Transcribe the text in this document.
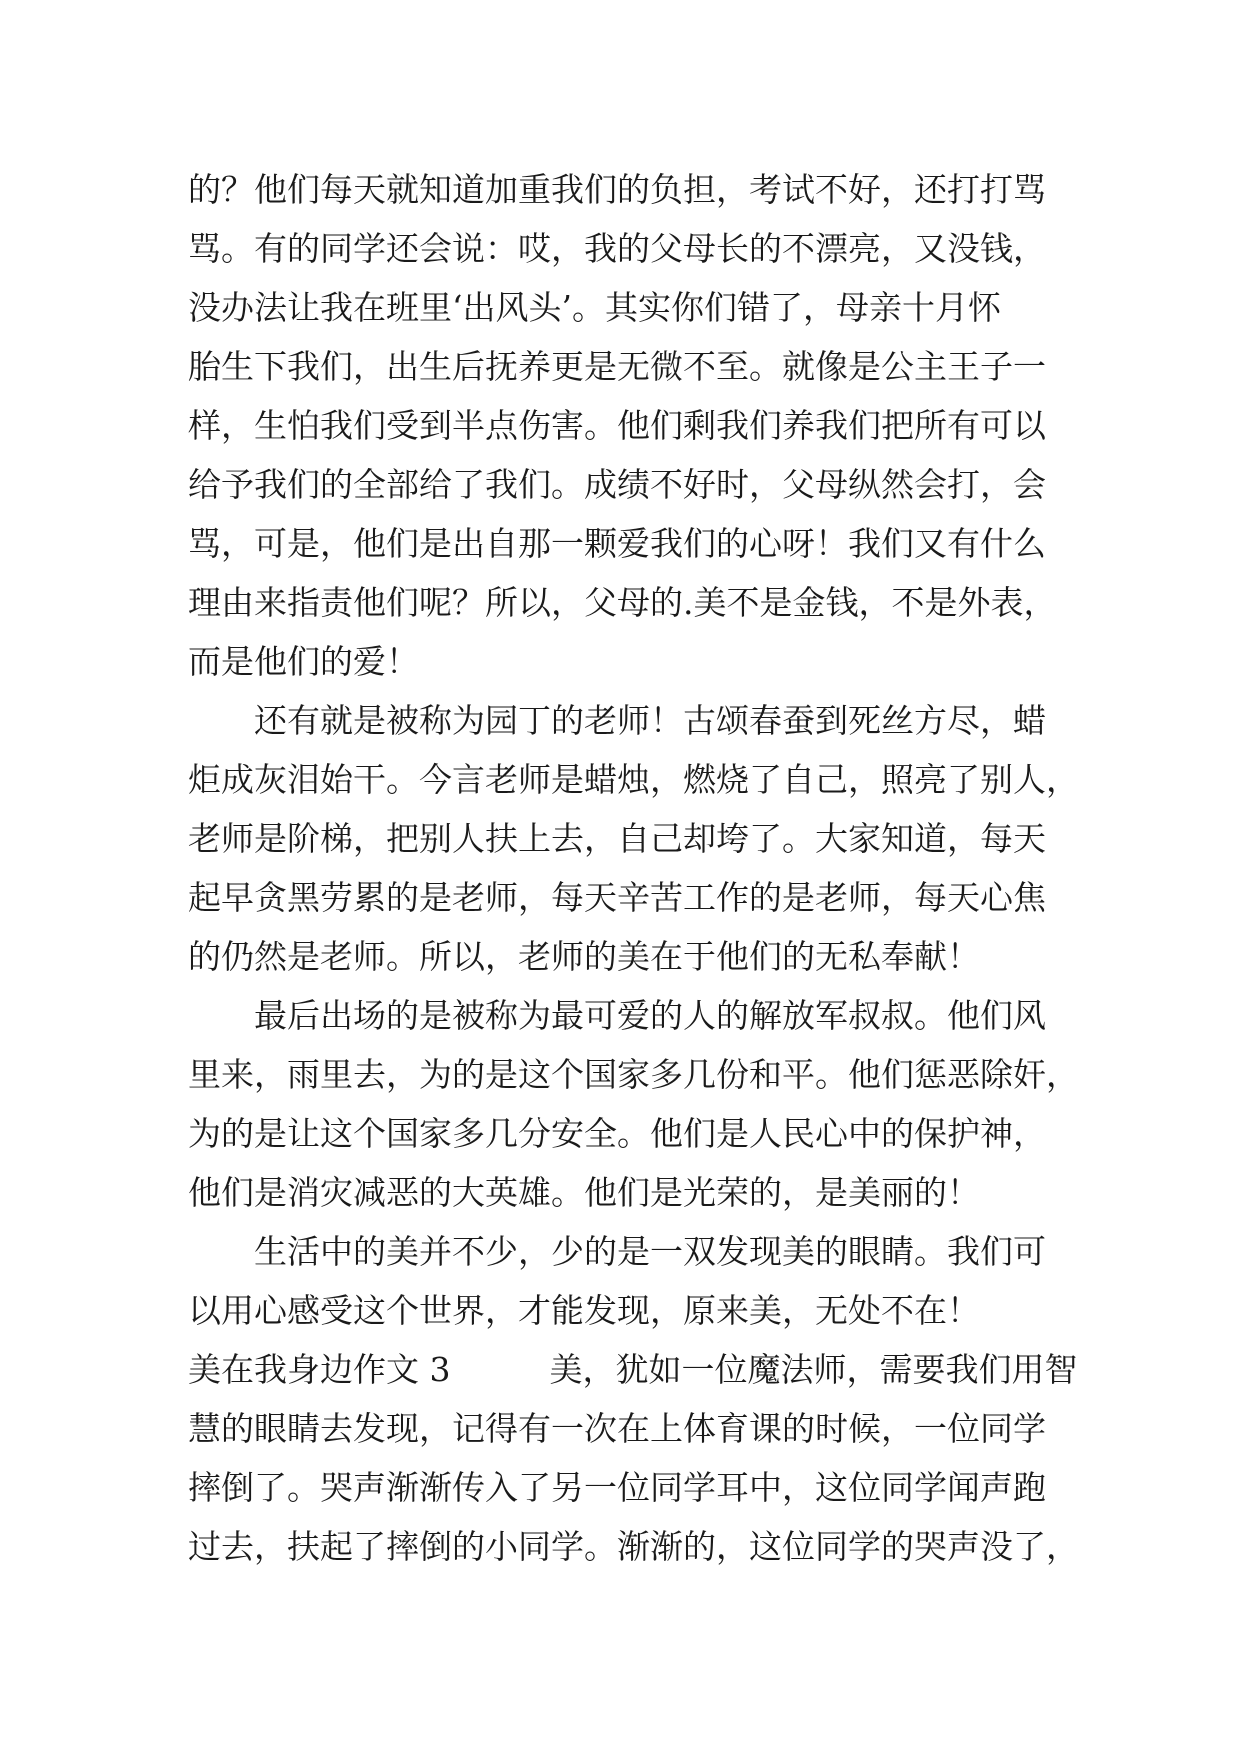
的？他们每天就知道加重我们的负担，考试不好，还打打骂
骂。有的同学还会说：哎，我的父母长的不漂亮，又没钱，
没办法让我在班里‘出风头’。其实你们错了，母亲十月怀
胎生下我们，出生后抚养更是无微不至。就像是公主王子一
样，生怕我们受到半点伤害。他们剩我们养我们把所有可以
给予我们的全部给了我们。成绩不好时，父母纵然会打，会
骂，可是，他们是出自那一颗爱我们的心呀！我们又有什么
理由来指责他们呢？所以，父母的.美不是金钱，不是外表，
而是他们的爱！
　　还有就是被称为园丁的老师！古颂春蚕到死丝方尽，蜡
炬成灰泪始干。今言老师是蜡烛，燃烧了自己，照亮了别人，
老师是阶梯，把别人扶上去，自己却垮了。大家知道，每天
起早贪黑劳累的是老师，每天辛苦工作的是老师，每天心焦
的仍然是老师。所以，老师的美在于他们的无私奉献！
　　最后出场的是被称为最可爱的人的解放军叔叔。他们风
里来，雨里去，为的是这个国家多几份和平。他们惩恶除奸，
为的是让这个国家多几分安全。他们是人民心中的保护神，
他们是消灾减恶的大英雄。他们是光荣的，是美丽的！
　　生活中的美并不少，少的是一双发现美的眼睛。我们可
以用心感受这个世界，才能发现，原来美，无处不在！
美在我身边作文 3　　　美，犹如一位魔法师，需要我们用智
慧的眼睛去发现，记得有一次在上体育课的时候，一位同学
摔倒了。哭声渐渐传入了另一位同学耳中，这位同学闻声跑
过去，扶起了摔倒的小同学。渐渐的，这位同学的哭声没了，
